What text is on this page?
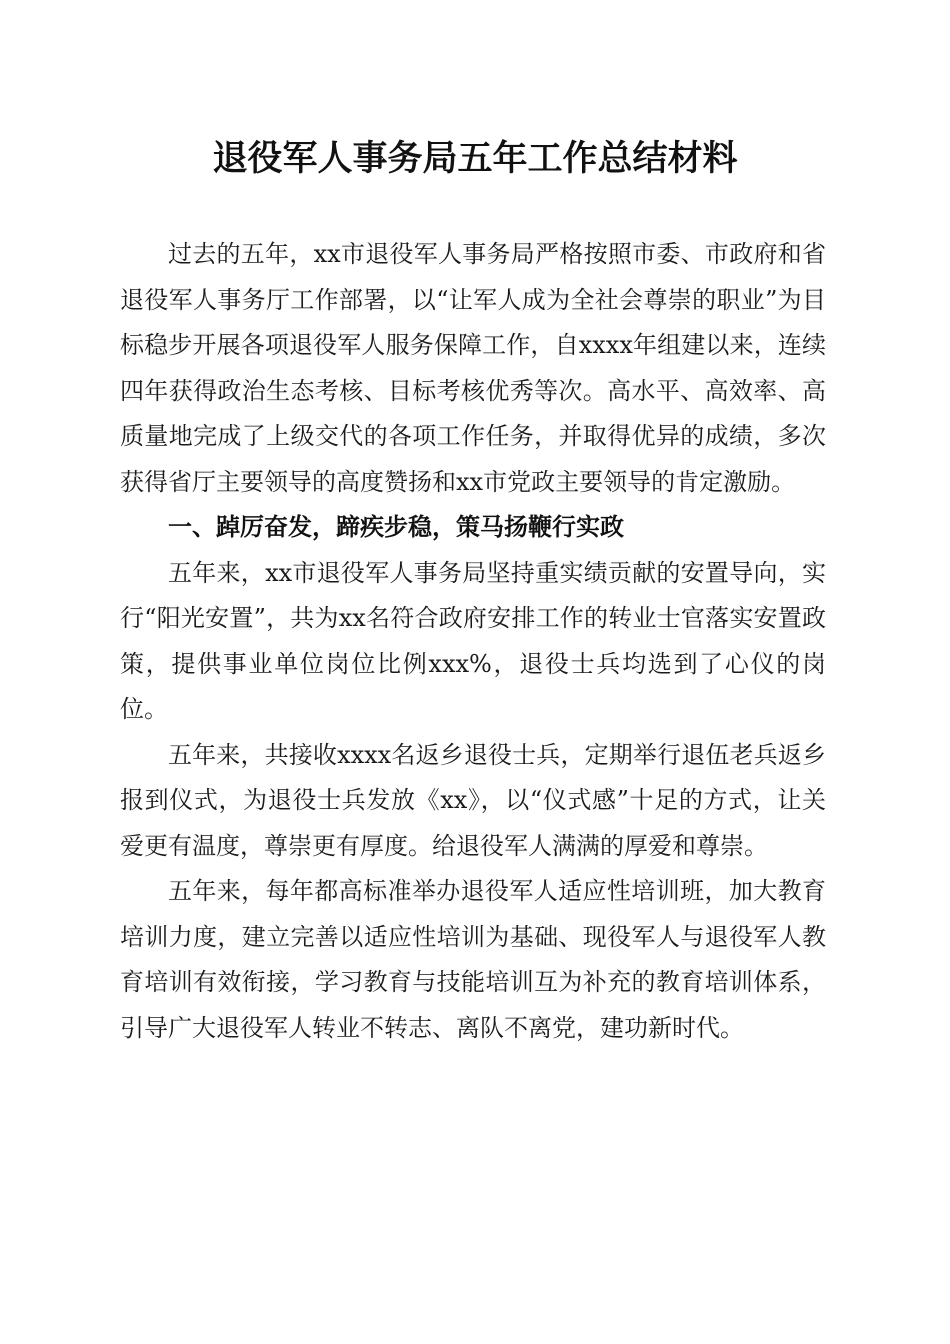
退役军人事务局五年工作总结材料

过去的五年，xx市退役军人事务局严格按照市委、市政府和省退役军人事务厅工作部署，以“让军人成为全社会尊崇的职业”为目标稳步开展各项退役军人服务保障工作，自xxxx年组建以来，连续四年获得政治生态考核、目标考核优秀等次。高水平、高效率、高质量地完成了上级交代的各项工作任务，并取得优异的成绩，多次获得省厅主要领导的高度赞扬和xx市党政主要领导的肯定激励。

一、踔厉奋发，蹄疾步稳，策马扬鞭行实政

五年来，xx市退役军人事务局坚持重实绩贡献的安置导向，实行“阳光安置”，共为xx名符合政府安排工作的转业士官落实安置政策，提供事业单位岗位比例xxx%，退役士兵均选到了心仪的岗位。

五年来，共接收xxxx名返乡退役士兵，定期举行退伍老兵返乡报到仪式，为退役士兵发放《xx》，以“仪式感”十足的方式，让关爱更有温度，尊崇更有厚度。给退役军人满满的厚爱和尊崇。

五年来，每年都高标准举办退役军人适应性培训班，加大教育培训力度，建立完善以适应性培训为基础、现役军人与退役军人教育培训有效衔接，学习教育与技能培训互为补充的教育培训体系，引导广大退役军人转业不转志、离队不离党，建功新时代。
